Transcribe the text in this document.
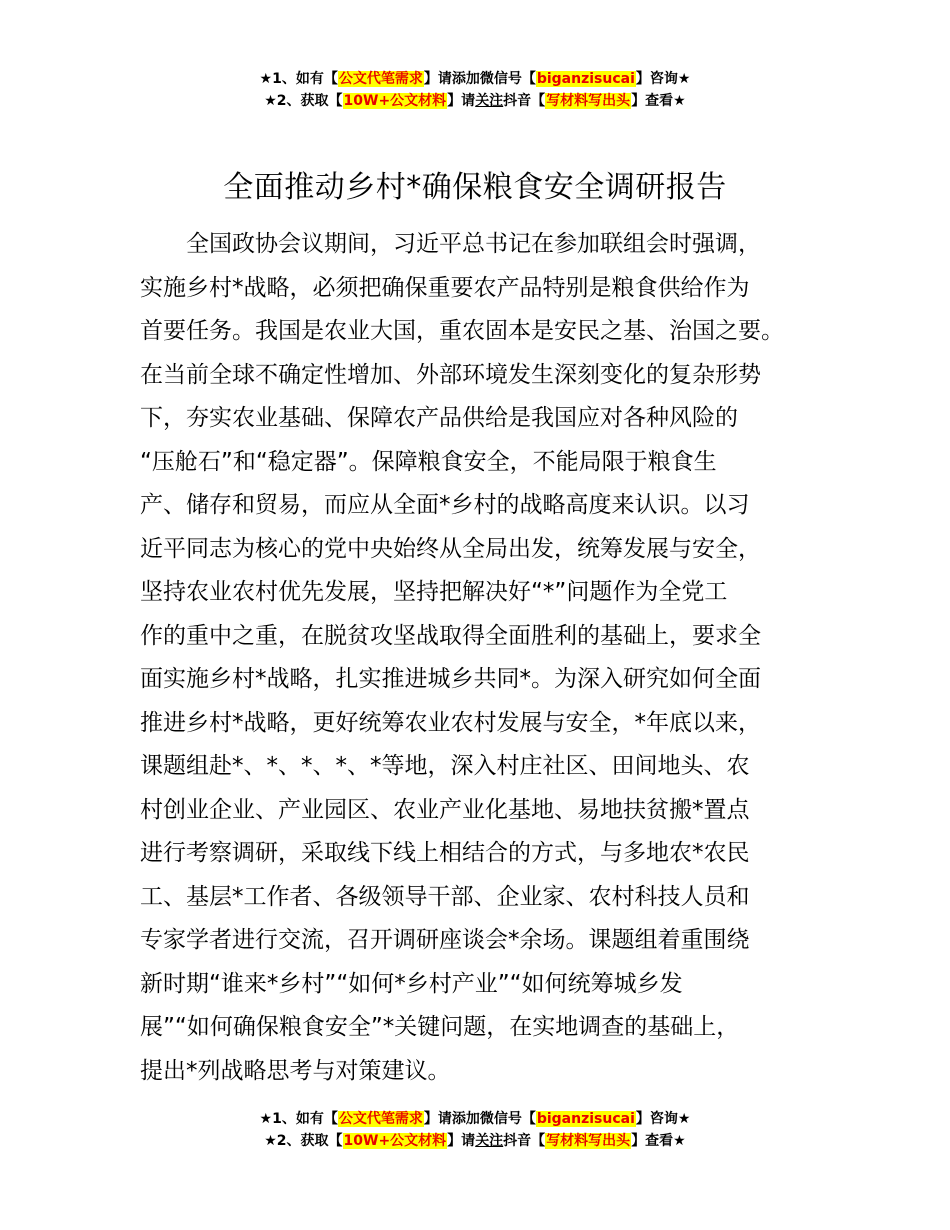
★1、如有【公文代笔需求】请添加微信号【biganzisucai】咨询★
★2、获取【10W+公文材料】请关注抖音【写材料写出头】查看★
全面推动乡村*确保粮食安全调研报告
全国政协会议期间，习近平总书记在参加联组会时强调，
实施乡村*战略，必须把确保重要农产品特别是粮食供给作为
首要任务。我国是农业大国，重农固本是安民之基、治国之要。
在当前全球不确定性增加、外部环境发生深刻变化的复杂形势
下，夯实农业基础、保障农产品供给是我国应对各种风险的
“压舱石”和“稳定器”。保障粮食安全，不能局限于粮食生
产、储存和贸易，而应从全面*乡村的战略高度来认识。以习
近平同志为核心的党中央始终从全局出发，统筹发展与安全，
坚持农业农村优先发展，坚持把解决好“*”问题作为全党工
作的重中之重，在脱贫攻坚战取得全面胜利的基础上，要求全
面实施乡村*战略，扎实推进城乡共同*。为深入研究如何全面
推进乡村*战略，更好统筹农业农村发展与安全，*年底以来，
课题组赴*、*、*、*、*等地，深入村庄社区、田间地头、农
村创业企业、产业园区、农业产业化基地、易地扶贫搬*置点
进行考察调研，采取线下线上相结合的方式，与多地农*农民
工、基层*工作者、各级领导干部、企业家、农村科技人员和
专家学者进行交流，召开调研座谈会*余场。课题组着重围绕
新时期“谁来*乡村”“如何*乡村产业”“如何统筹城乡发
展”“如何确保粮食安全”*关键问题，在实地调查的基础上，
提出*列战略思考与对策建议。
★1、如有【公文代笔需求】请添加微信号【biganzisucai】咨询★
★2、获取【10W+公文材料】请关注抖音【写材料写出头】查看★
